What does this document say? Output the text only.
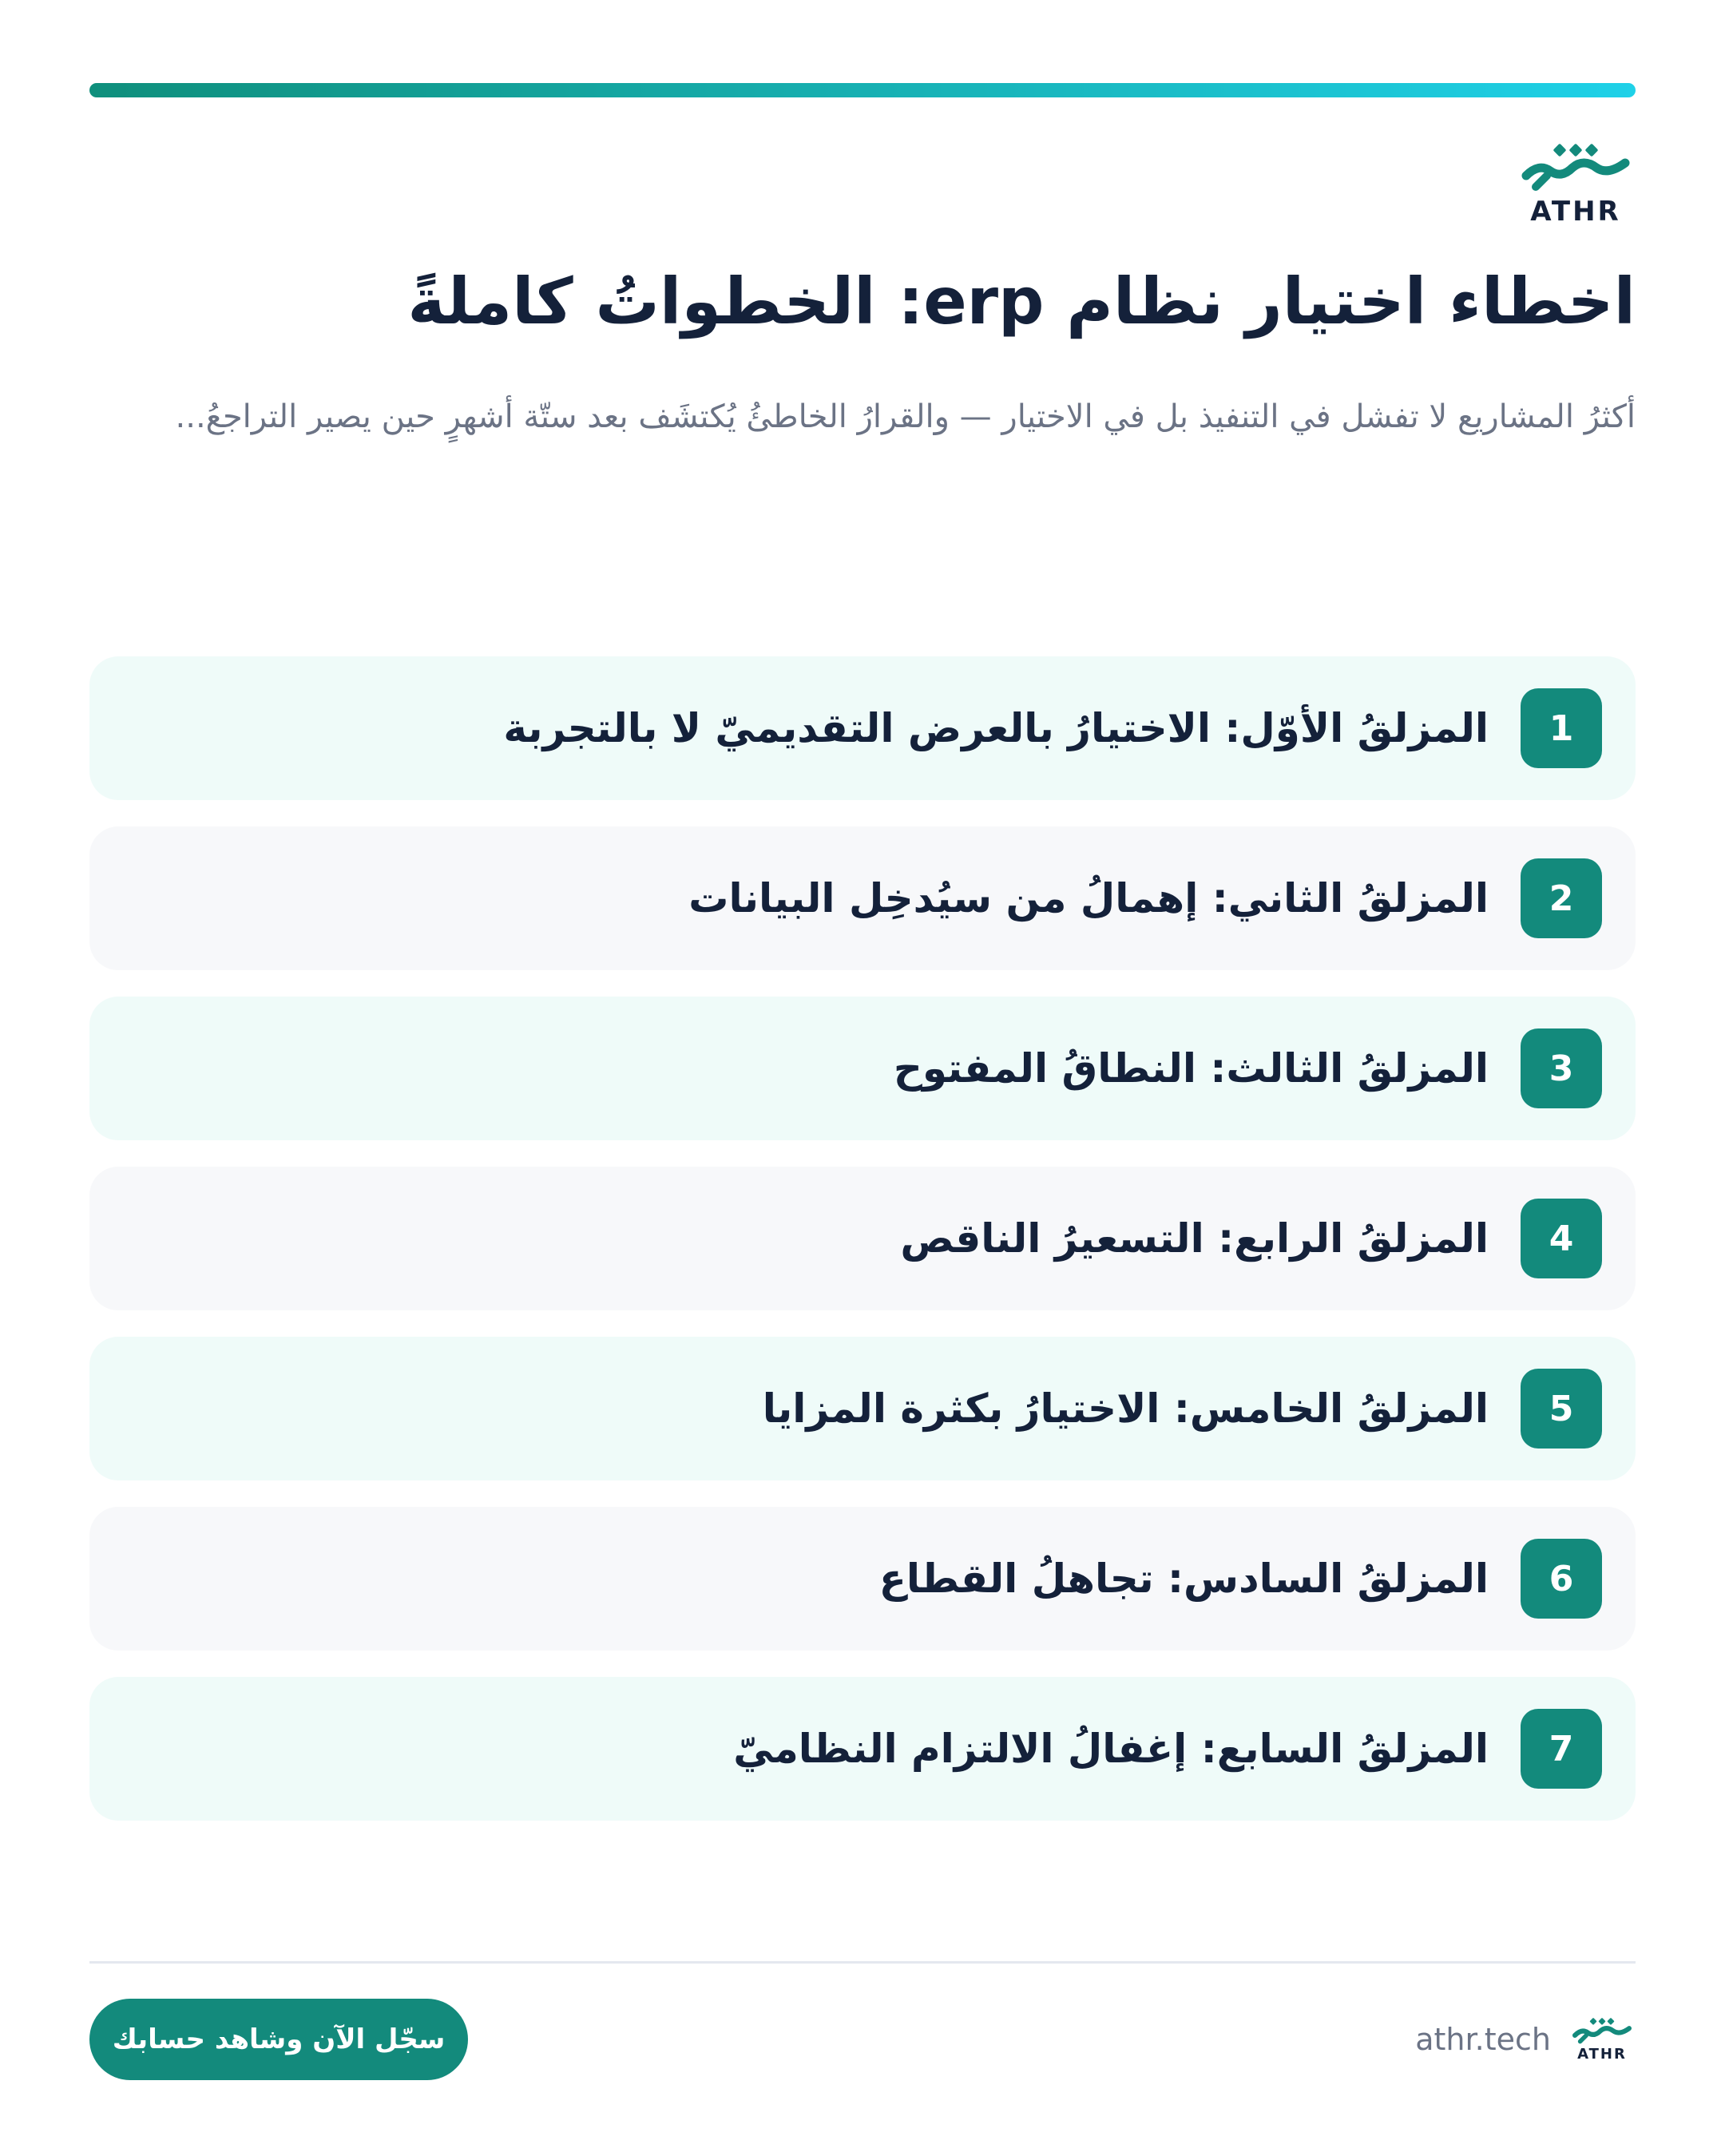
ATHR
اخطاء اختيار نظام erp: الخطواتُ كاملةً

أكثرُ المشاريع لا تفشل في التنفيذ بل في الاختيار — والقرارُ الخاطئُ يُكتشَف بعد ستّة أشهرٍ حين يصير التراجعُ...

1
المزلقُ الأوّل: الاختيارُ بالعرض التقديميّ لا بالتجربة
2
المزلقُ الثاني: إهمالُ من سيُدخِل البيانات
3
المزلقُ الثالث: النطاقُ المفتوح
4
المزلقُ الرابع: التسعيرُ الناقص
5
المزلقُ الخامس: الاختيارُ بكثرة المزايا
6
المزلقُ السادس: تجاهلُ القطاع
7
المزلقُ السابع: إغفالُ الالتزام النظاميّ
ATHR
athr.tech
سجّل الآن وشاهد حسابك
